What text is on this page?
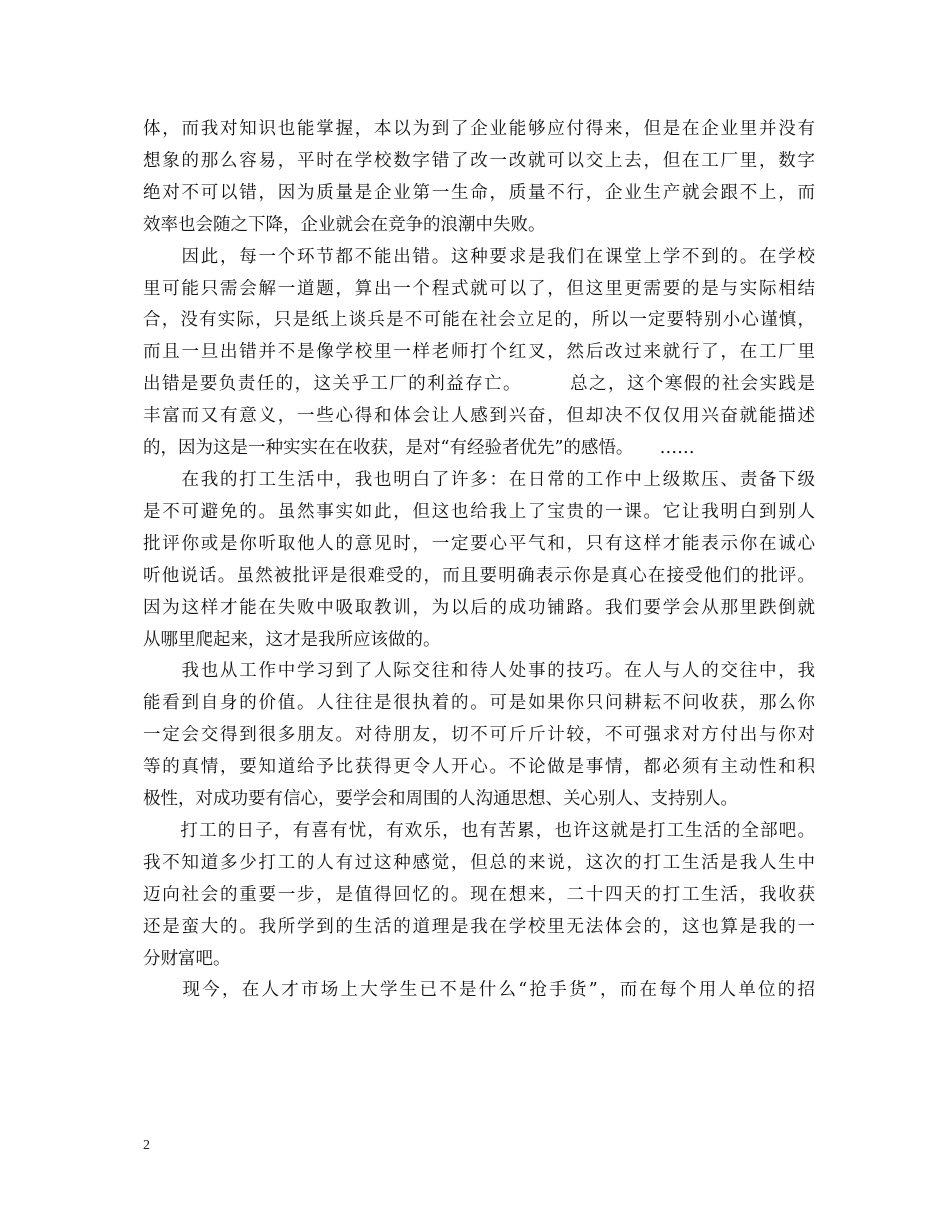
体，而我对知识也能掌握，本以为到了企业能够应付得来，但是在企业里并没有
想象的那么容易，平时在学校数字错了改一改就可以交上去，但在工厂里，数字
绝对不可以错，因为质量是企业第一生命，质量不行，企业生产就会跟不上，而
效率也会随之下降，企业就会在竞争的浪潮中失败。
　　因此，每一个环节都不能出错。这种要求是我们在课堂上学不到的。在学校
里可能只需会解一道题，算出一个程式就可以了，但这里更需要的是与实际相结
合，没有实际，只是纸上谈兵是不可能在社会立足的，所以一定要特别小心谨慎，
而且一旦出错并不是像学校里一样老师打个红叉，然后改过来就行了，在工厂里
出错是要负责任的，这关乎工厂的利益存亡。　　　总之，这个寒假的社会实践是
丰富而又有意义，一些心得和体会让人感到兴奋，但却决不仅仅用兴奋就能描述
的，因为这是一种实实在在收获，是对“有经验者优先”的感悟。　　……
　　在我的打工生活中，我也明白了许多：在日常的工作中上级欺压、责备下级
是不可避免的。虽然事实如此，但这也给我上了宝贵的一课。它让我明白到别人
批评你或是你听取他人的意见时，一定要心平气和，只有这样才能表示你在诚心
听他说话。虽然被批评是很难受的，而且要明确表示你是真心在接受他们的批评。
因为这样才能在失败中吸取教训，为以后的成功铺路。我们要学会从那里跌倒就
从哪里爬起来，这才是我所应该做的。
　　我也从工作中学习到了人际交往和待人处事的技巧。在人与人的交往中，我
能看到自身的价值。人往往是很执着的。可是如果你只问耕耘不问收获，那么你
一定会交得到很多朋友。对待朋友，切不可斤斤计较，不可强求对方付出与你对
等的真情，要知道给予比获得更令人开心。不论做是事情，都必须有主动性和积
极性，对成功要有信心，要学会和周围的人沟通思想、关心别人、支持别人。
　　打工的日子，有喜有忧，有欢乐，也有苦累，也许这就是打工生活的全部吧。
我不知道多少打工的人有过这种感觉，但总的来说，这次的打工生活是我人生中
迈向社会的重要一步，是值得回忆的。现在想来，二十四天的打工生活，我收获
还是蛮大的。我所学到的生活的道理是我在学校里无法体会的，这也算是我的一
分财富吧。
　　现今，在人才市场上大学生已不是什么“抢手货”，而在每个用人单位的招
2
